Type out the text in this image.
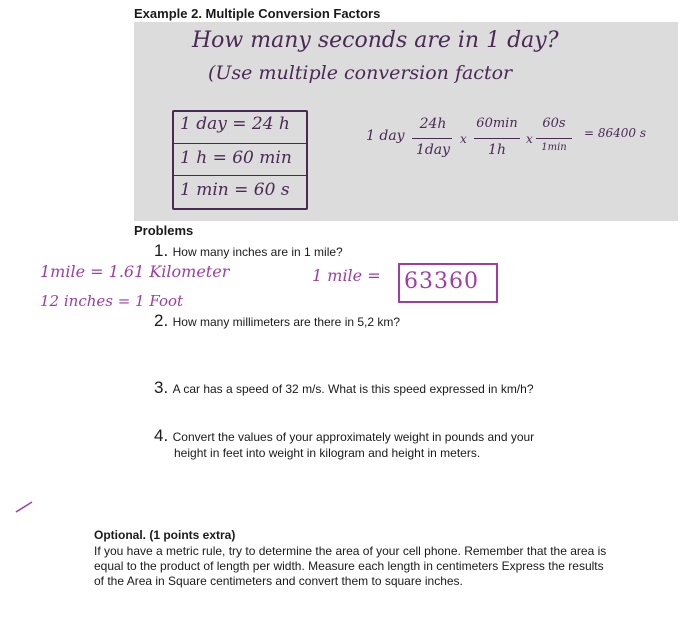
Example 2. Multiple Conversion Factors
How many seconds are in 1 day?
(Use multiple conversion factor
1 day = 24 h
1 h = 60 min
1 min = 60 s
1 day
24h
1day
x
60min
1h
x
60s
1min
= 86400 s
Problems
1. How many inches are in 1 mile?
1mile = 1.61 Kilometer	1 mile = 63360
12 inches = 1 Foot
2. How many millimeters are there in 5,2 km?
3. A car has a speed of 32 m/s. What is this speed expressed in km/h?
4. Convert the values of your approximately weight in pounds and your
height in feet into weight in kilogram and height in meters.
Optional. (1 points extra)
If you have a metric rule, try to determine the area of your cell phone. Remember that the area is equal to the product of length per width. Measure each length in centimeters Express the results of the Area in Square centimeters and convert them to square inches.
